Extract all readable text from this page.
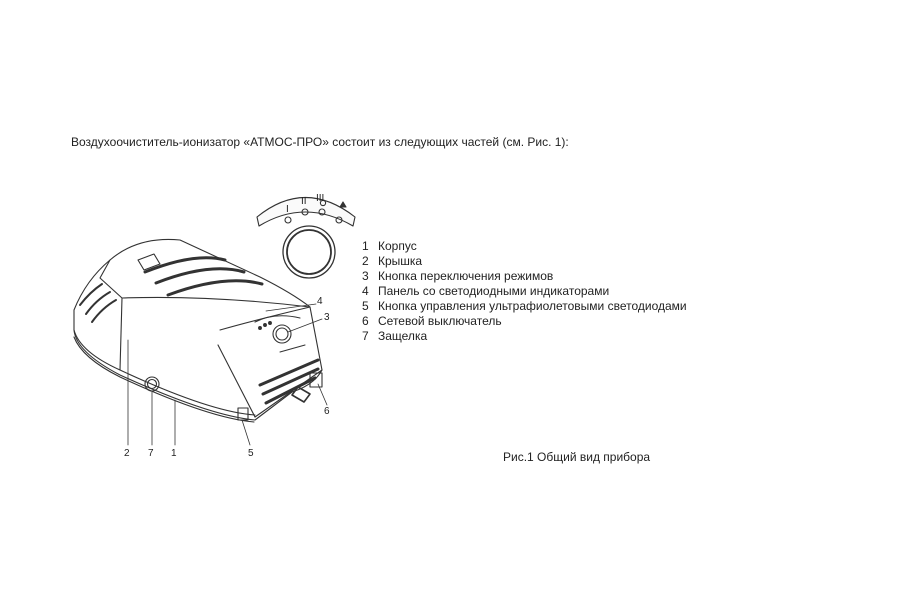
Воздухоочиститель-ионизатор «АТМОС-ПРО» состоит из следующих частей (см. Рис. 1):
I
II III
4
3
6
2 7 1	5
1 Корпус
2 Крышка
3 Кнопка переключения режимов
4 Панель со светодиодными индикаторами
5 Кнопка управления ультрафиолетовыми светодиодами
6 Сетевой выключатель
7 Защелка
Рис.1 Общий вид прибора
